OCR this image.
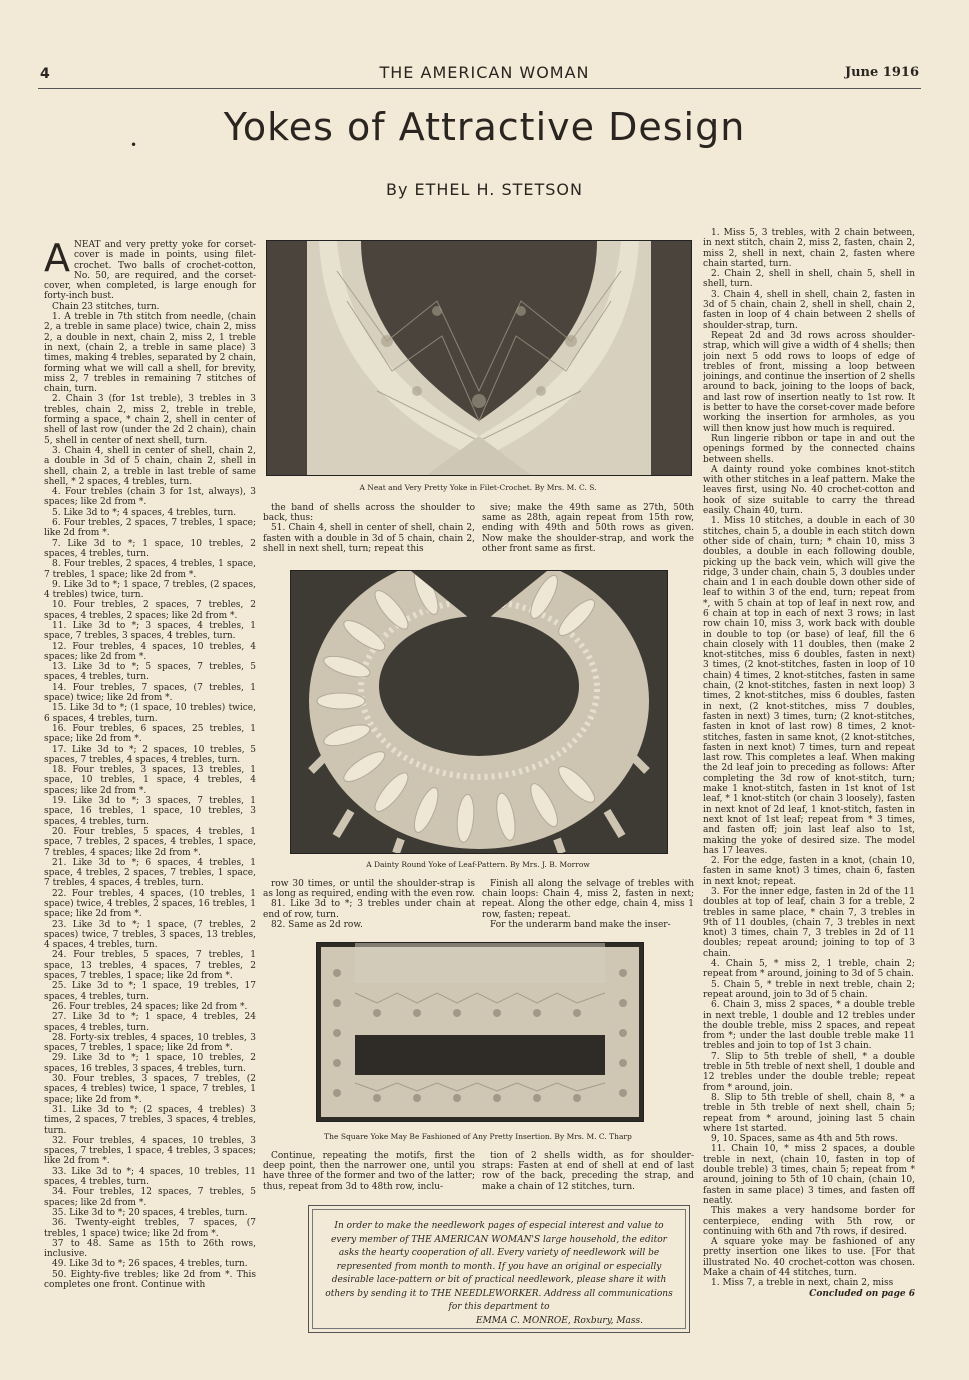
4	THE AMERICAN WOMAN	June 1916
•	Yokes of Attractive Design
By ETHEL H. STETSON

ANEAT and very pretty yoke for corset-cover is made in points, using filet-crochet. Two balls of crochet-cotton, No. 50, are required, and the corset-cover, when completed, is large enough for forty-inch bust.

Chain 23 stitches, turn.

1. A treble in 7th stitch from needle, (chain 2, a treble in same place) twice, chain 2, miss 2, a double in next, chain 2, miss 2, 1 treble in next, (chain 2, a treble in same place) 3 times, making 4 trebles, separated by 2 chain, forming what we will call a shell, for brevity, miss 2, 7 trebles in remaining 7 stitches of chain, turn.

2. Chain 3 (for 1st treble), 3 trebles in 3 trebles, chain 2, miss 2, treble in treble, forming a space, * chain 2, shell in center of shell of last row (under the 2d 2 chain), chain 5, shell in center of next shell, turn.

3. Chain 4, shell in center of shell, chain 2, a double in 3d of 5 chain, chain 2, shell in shell, chain 2, a treble in last treble of same shell, * 2 spaces, 4 trebles, turn.

4. Four trebles (chain 3 for 1st, always), 3 spaces; like 2d from *.

5. Like 3d to *; 4 spaces, 4 trebles, turn.

6. Four trebles, 2 spaces, 7 trebles, 1 space; like 2d from *.

7. Like 3d to *; 1 space, 10 trebles, 2 spaces, 4 trebles, turn.

8. Four trebles, 2 spaces, 4 trebles, 1 space, 7 trebles, 1 space; like 2d from *.

9. Like 3d to *; 1 space, 7 trebles, (2 spaces, 4 trebles) twice, turn.

10. Four trebles, 2 spaces, 7 trebles, 2 spaces, 4 trebles, 2 spaces; like 2d from *.

11. Like 3d to *; 3 spaces, 4 trebles, 1 space, 7 trebles, 3 spaces, 4 trebles, turn.

12. Four trebles, 4 spaces, 10 trebles, 4 spaces; like 2d from *.

13. Like 3d to *; 5 spaces, 7 trebles, 5 spaces, 4 trebles, turn.

14. Four trebles, 7 spaces, (7 trebles, 1 space) twice; like 2d from *.

15. Like 3d to *; (1 space, 10 trebles) twice, 6 spaces, 4 trebles, turn.

16. Four trebles, 6 spaces, 25 trebles, 1 space; like 2d from *.

17. Like 3d to *; 2 spaces, 10 trebles, 5 spaces, 7 trebles, 4 spaces, 4 trebles, turn.

18. Four trebles, 3 spaces, 13 trebles, 1 space, 10 trebles, 1 space, 4 trebles, 4 spaces; like 2d from *.

19. Like 3d to *; 3 spaces, 7 trebles, 1 space, 16 trebles, 1 space, 10 trebles, 3 spaces, 4 trebles, turn.

20. Four trebles, 5 spaces, 4 trebles, 1 space, 7 trebles, 2 spaces, 4 trebles, 1 space, 7 trebles, 4 spaces; like 2d from *.

21. Like 3d to *; 6 spaces, 4 trebles, 1 space, 4 trebles, 2 spaces, 7 trebles, 1 space, 7 trebles, 4 spaces, 4 trebles, turn.

22. Four trebles, 4 spaces, (10 trebles, 1 space) twice, 4 trebles, 2 spaces, 16 trebles, 1 space; like 2d from *.

23. Like 3d to *; 1 space, (7 trebles, 2 spaces) twice, 7 trebles, 3 spaces, 13 trebles, 4 spaces, 4 trebles, turn.

24. Four trebles, 5 spaces, 7 trebles, 1 space, 13 trebles, 4 spaces, 7 trebles, 2 spaces, 7 trebles, 1 space; like 2d from *.

25. Like 3d to *; 1 space, 19 trebles, 17 spaces, 4 trebles, turn.

26. Four trebles, 24 spaces; like 2d from *.

27. Like 3d to *; 1 space, 4 trebles, 24 spaces, 4 trebles, turn.

28. Forty-six trebles, 4 spaces, 10 trebles, 3 spaces, 7 trebles, 1 space; like 2d from *.

29. Like 3d to *; 1 space, 10 trebles, 2 spaces, 16 trebles, 3 spaces, 4 trebles, turn.

30. Four trebles, 3 spaces, 7 trebles, (2 spaces, 4 trebles) twice, 1 space, 7 trebles, 1 space; like 2d from *.

31. Like 3d to *; (2 spaces, 4 trebles) 3 times, 2 spaces, 7 trebles, 3 spaces, 4 trebles, turn.

32. Four trebles, 4 spaces, 10 trebles, 3 spaces, 7 trebles, 1 space, 4 trebles, 3 spaces; like 2d from *.

33. Like 3d to *; 4 spaces, 10 trebles, 11 spaces, 4 trebles, turn.

34. Four trebles, 12 spaces, 7 trebles, 5 spaces; like 2d from *.

35. Like 3d to *; 20 spaces, 4 trebles, turn.

36. Twenty-eight trebles, 7 spaces, (7 trebles, 1 space) twice; like 2d from *.

37 to 48. Same as 15th to 26th rows, inclusive.

49. Like 3d to *; 26 spaces, 4 trebles, turn.

50. Eighty-five trebles; like 2d from *. This completes one front. Continue with

A Neat and Very Pretty Yoke in Filet-Crochet. By Mrs. M. C. S.

the band of shells across the shoulder to back, thus:

51. Chain 4, shell in center of shell, chain 2, fasten with a double in 3d of 5 chain, chain 2, shell in next shell, turn; repeat this

sive; make the 49th same as 27th, 50th same as 28th, again repeat from 15th row, ending with 49th and 50th rows as given. Now make the shoulder-strap, and work the other front same as first.

A Dainty Round Yoke of Leaf-Pattern. By Mrs. J. B. Morrow

row 30 times, or until the shoulder-strap is as long as required, ending with the even row.

81. Like 3d to *; 3 trebles under chain at end of row, turn.

82. Same as 2d row.

Finish all along the selvage of trebles with chain loops: Chain 4, miss 2, fasten in next; repeat. Along the other edge, chain 4, miss 1 row, fasten; repeat.

For the underarm band make the inser-

The Square Yoke May Be Fashioned of Any Pretty Insertion. By Mrs. M. C. Tharp

Continue, repeating the motifs, first the deep point, then the narrower one, until you have three of the former and two of the latter; thus, repeat from 3d to 48th row, inclu-

tion of 2 shells width, as for shoulder-straps: Fasten at end of shell at end of last row of the back, preceding the strap, and make a chain of 12 stitches, turn.

In order to make the needlework pages of especial interest and value to every member of THE AMERICAN WOMAN'S large household, the editor asks the hearty cooperation of all. Every variety of needlework will be represented from month to month. If you have an original or especially desirable lace-pattern or bit of practical needlework, please share it with others by sending it to THE NEEDLEWORKER. Address all communications for this department to
EMMA C. MONROE, Roxbury, Mass.

1. Miss 5, 3 trebles, with 2 chain between, in next stitch, chain 2, miss 2, fasten, chain 2, miss 2, shell in next, chain 2, fasten where chain started, turn.

2. Chain 2, shell in shell, chain 5, shell in shell, turn.

3. Chain 4, shell in shell, chain 2, fasten in 3d of 5 chain, chain 2, shell in shell, chain 2, fasten in loop of 4 chain between 2 shells of shoulder-strap, turn.

Repeat 2d and 3d rows across shoulder-strap, which will give a width of 4 shells; then join next 5 odd rows to loops of edge of trebles of front, missing a loop between joinings, and continue the insertion of 2 shells around to back, joining to the loops of back, and last row of insertion neatly to 1st row. It is better to have the corset-cover made before working the insertion for armholes, as you will then know just how much is required.

Run lingerie ribbon or tape in and out the openings formed by the connected chains between shells.

A dainty round yoke combines knot-stitch with other stitches in a leaf pattern. Make the leaves first, using No. 40 crochet-cotton and hook of size suitable to carry the thread easily. Chain 40, turn.

1. Miss 10 stitches, a double in each of 30 stitches, chain 5, a double in each stitch down other side of chain, turn; * chain 10, miss 3 doubles, a double in each following double, picking up the back vein, which will give the ridge, 3 under chain, chain 5, 3 doubles under chain and 1 in each double down other side of leaf to within 3 of the end, turn; repeat from *, with 5 chain at top of leaf in next row, and 6 chain at top in each of next 3 rows; in last row chain 10, miss 3, work back with double in double to top (or base) of leaf, fill the 6 chain closely with 11 doubles, then (make 2 knot-stitches, miss 6 doubles, fasten in next) 3 times, (2 knot-stitches, fasten in loop of 10 chain) 4 times, 2 knot-stitches, fasten in same chain, (2 knot-stitches, fasten in next loop) 3 times, 2 knot-stitches, miss 6 doubles, fasten in next, (2 knot-stitches, miss 7 doubles, fasten in next) 3 times, turn; (2 knot-stitches, fasten in knot of last row) 8 times, 2 knot-stitches, fasten in same knot, (2 knot-stitches, fasten in next knot) 7 times, turn and repeat last row. This completes a leaf. When making the 2d leaf join to preceding as follows: After completing the 3d row of knot-stitch, turn; make 1 knot-stitch, fasten in 1st knot of 1st leaf, * 1 knot-stitch (or chain 3 loosely), fasten in next knot of 2d leaf, 1 knot-stitch, fasten in next knot of 1st leaf; repeat from * 3 times, and fasten off; join last leaf also to 1st, making the yoke of desired size. The model has 17 leaves.

2. For the edge, fasten in a knot, (chain 10, fasten in same knot) 3 times, chain 6, fasten in next knot; repeat.

3. For the inner edge, fasten in 2d of the 11 doubles at top of leaf, chain 3 for a treble, 2 trebles in same place, * chain 7, 3 trebles in 9th of 11 doubles, (chain 7, 3 trebles in next knot) 3 times, chain 7, 3 trebles in 2d of 11 doubles; repeat around; joining to top of 3 chain.

4. Chain 5, * miss 2, 1 treble, chain 2; repeat from * around, joining to 3d of 5 chain.

5. Chain 5, * treble in next treble, chain 2; repeat around, join to 3d of 5 chain.

6. Chain 3, miss 2 spaces, * a double treble in next treble, 1 double and 12 trebles under the double treble, miss 2 spaces, and repeat from *; under the last double treble make 11 trebles and join to top of 1st 3 chain.

7. Slip to 5th treble of shell, * a double treble in 5th treble of next shell, 1 double and 12 trebles under the double treble; repeat from * around, join.

8. Slip to 5th treble of shell, chain 8, * a treble in 5th treble of next shell, chain 5; repeat from * around, joining last 5 chain where 1st started.

9, 10. Spaces, same as 4th and 5th rows.

11. Chain 10, * miss 2 spaces, a double treble in next, (chain 10, fasten in top of double treble) 3 times, chain 5; repeat from * around, joining to 5th of 10 chain, (chain 10, fasten in same place) 3 times, and fasten off neatly.

This makes a very handsome border for centerpiece, ending with 5th row, or continuing with 6th and 7th rows, if desired.

A square yoke may be fashioned of any pretty insertion one likes to use. [For that illustrated No. 40 crochet-cotton was chosen. Make a chain of 44 stitches, turn.

1. Miss 7, a treble in next, chain 2, miss

Concluded on page 6
